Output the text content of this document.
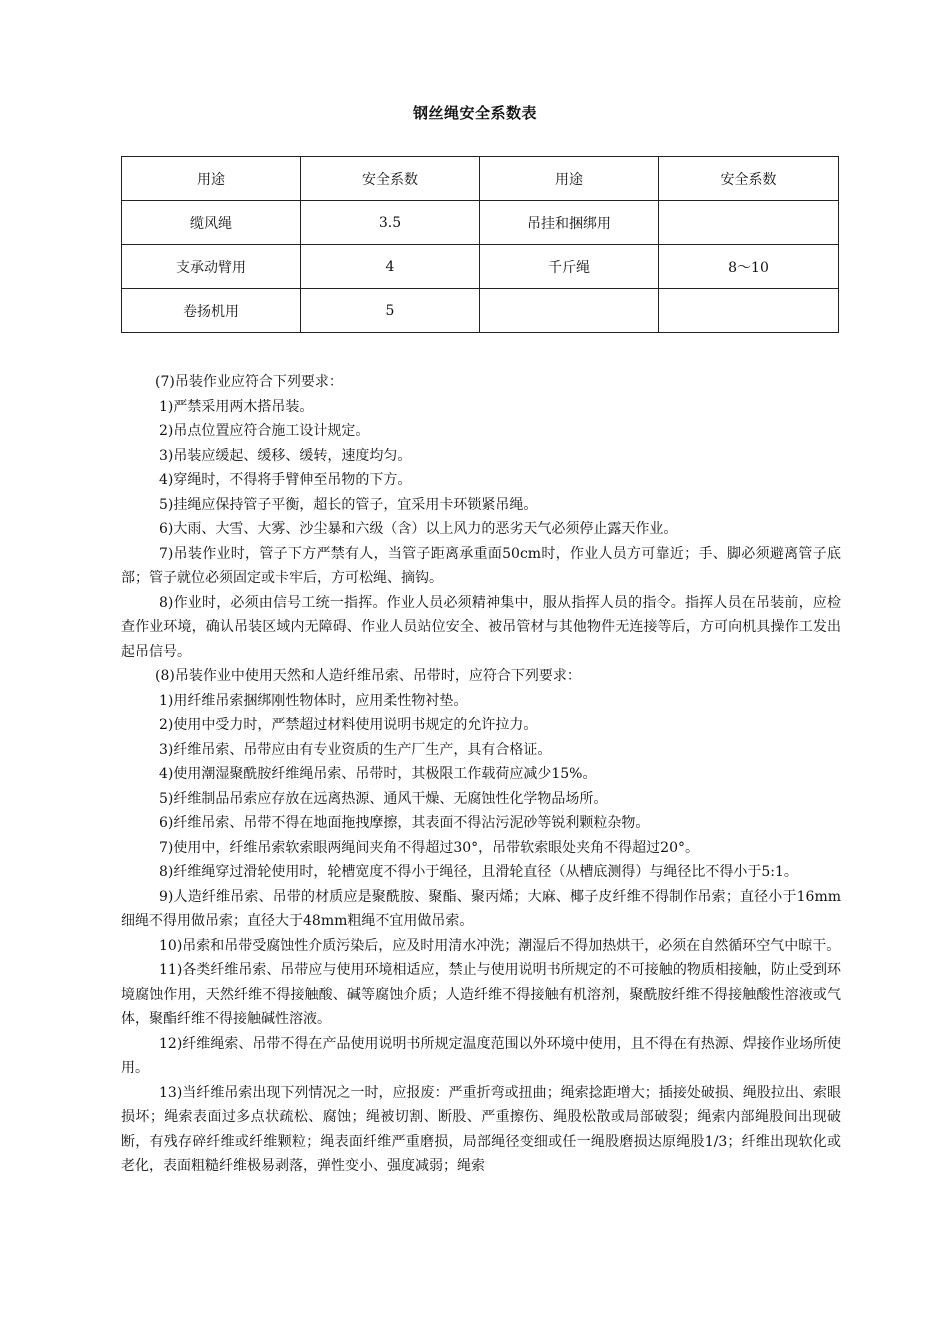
钢丝绳安全系数表
用途	安全系数	用途	安全系数
缆风绳	3.5	吊挂和捆绑用	
支承动臂用	4	千斤绳	8～10
卷扬机用	5		

(7)吊装作业应符合下列要求：

1)严禁采用两木搭吊装。

2)吊点位置应符合施工设计规定。

3)吊装应缓起、缓移、缓转，速度均匀。

4)穿绳时，不得将手臂伸至吊物的下方。

5)挂绳应保持管子平衡，超长的管子，宜采用卡环锁紧吊绳。

6)大雨、大雪、大雾、沙尘暴和六级（含）以上风力的恶劣天气必须停止露天作业。

7)吊装作业时，管子下方严禁有人，当管子距离承重面50cm时，作业人员方可靠近；手、脚必须避离管子底部；管子就位必须固定或卡牢后，方可松绳、摘钩。

8)作业时，必须由信号工统一指挥。作业人员必须精神集中，服从指挥人员的指令。指挥人员在吊装前，应检查作业环境，确认吊装区域内无障碍、作业人员站位安全、被吊管材与其他物件无连接等后，方可向机具操作工发出起吊信号。

(8)吊装作业中使用天然和人造纤维吊索、吊带时，应符合下列要求：

1)用纤维吊索捆绑刚性物体时，应用柔性物衬垫。

2)使用中受力时，严禁超过材料使用说明书规定的允许拉力。

3)纤维吊索、吊带应由有专业资质的生产厂生产，具有合格证。

4)使用潮湿聚酰胺纤维绳吊索、吊带时，其极限工作载荷应减少15%。

5)纤维制品吊索应存放在远离热源、通风干燥、无腐蚀性化学物品场所。

6)纤维吊索、吊带不得在地面拖拽摩擦，其表面不得沾污泥砂等锐利颗粒杂物。

7)使用中，纤维吊索软索眼两绳间夹角不得超过30°，吊带软索眼处夹角不得超过20°。

8)纤维绳穿过滑轮使用时，轮槽宽度不得小于绳径，且滑轮直径（从槽底测得）与绳径比不得小于5:1。

9)人造纤维吊索、吊带的材质应是聚酰胺、聚酯、聚丙烯；大麻、椰子皮纤维不得制作吊索；直径小于16mm细绳不得用做吊索；直径大于48mm粗绳不宜用做吊索。

10)吊索和吊带受腐蚀性介质污染后，应及时用清水冲洗；潮湿后不得加热烘干，必须在自然循环空气中晾干。

11)各类纤维吊索、吊带应与使用环境相适应，禁止与使用说明书所规定的不可接触的物质相接触，防止受到环境腐蚀作用，天然纤维不得接触酸、碱等腐蚀介质；人造纤维不得接触有机溶剂，聚酰胺纤维不得接触酸性溶液或气体，聚酯纤维不得接触碱性溶液。

12)纤维绳索、吊带不得在产品使用说明书所规定温度范围以外环境中使用，且不得在有热源、焊接作业场所使用。

13)当纤维吊索出现下列情况之一时，应报废：严重折弯或扭曲；绳索捻距增大；插接处破损、绳股拉出、索眼损坏；绳索表面过多点状疏松、腐蚀；绳被切割、断股、严重擦伤、绳股松散或局部破裂；绳索内部绳股间出现破断，有残存碎纤维或纤维颗粒；绳表面纤维严重磨损，局部绳径变细或任一绳股磨损达原绳股1/3；纤维出现软化或老化，表面粗糙纤维极易剥落，弹性变小、强度减弱；绳索
